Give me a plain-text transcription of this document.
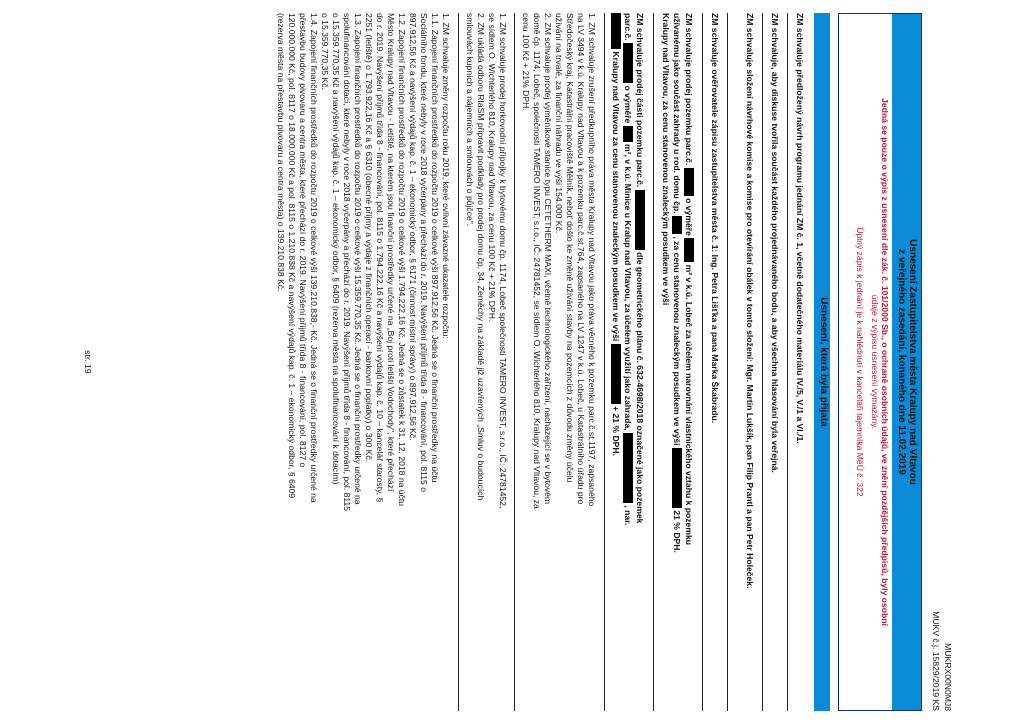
MUKRX00N0MJ8
MUKV č.j. 15829/2019 KS
Usnesení Zastupitelstva města Kralupy nad Vltavou
z veřejného zasedání, konaného dne 11.02.2019
Jedná se pouze o výpis z usnesení dle zák. č. 101/2000 Sb., o ochraně osobních údajů, ve znění pozdějších předpisů, byly osobní
údaje z výpisu usnesení vymazány.
Úplný zápis k jednání je k nahlédnutí v kanceláři tajemníka MěÚ č. 322
Usnesení, která byla přijata
ZM schvaluje předložený návrh programu jednání ZM č. 1, včetně dodatečného materiálu IV./5, V./1 a VI./1.
ZM schvaluje, aby diskuse tvořila součást každého projednávaného bodu, a aby všechna hlasování byla veřejná.
ZM schvaluje složení návrhové komise a komise pro otevírání obálek v tomto složení: Mgr. Martin Lukšík, pan Filip Prantl a pan Petr Holeček.
ZM schvaluje ověřovatele zápisu zastupitelstva města č. 1: Ing. Petra Lišťka a pana Marka Škabradu.
ZM schvaluje prodej pozemku parc.č.  o výměře  m² v k.ú. Lobeč za účelem narovnání vlastnického vztahu k pozemku
užívanému jako součást zahrady u rod. domu čp.  , za cenu stanovenou znaleckým posudkem ve výši  21 % DPH.
Kralupy nad Vltavou, za cenu stanovenou znaleckým posudkem ve výši
ZM schvaluje prodej části pozemku parc.č.  dle geometrického plánu č. 632-4698/2018 označené jako pozemek
parc.č.  o výměře  m², v k.ú. Minice u Kralup nad Vltavou, za účelem využití jako zahrada,  , nar.
Kralupy nad Vltavou za cenu stanovenou znaleckým posudkem ve výši  + 21 % DPH.
1. ZM schvaluje zrušení předkupního práva města Kralupy nad Vltavou jako práva věcného k pozemku parc.č.st.1197, zapsaného
na LV 3494 v k.ú. Kralupy nad Vltavou a k pozemku parc.č.st.764, zapsaného na LV 1247 v k.ú. Lobeč, u Katastrálního úřadu pro
Středočeský kraj, Katastrální pracoviště Mělník, neboť došlo ke změně užívání stavby na pozemcích z důvodu změny účelu
užívání na trvalé, za finanční náhradu ve výši 154.000 Kč.
2. ZM schvaluje prodej výměníkové stanice typu CETETHERM MAXI, včetně technologického zařízení, nacházející se v bytovém
domě čp. 1174, Lobeč, společnosti TAMERO INVEST, s.r.o., IČ: 24781452, se sídlem O. Wichterlého 810, Kralupy nad Vltavou, za
cenu 100 Kč + 21% DPH.
1. ZM schvaluje prodej horkovodní přípojky k bytovému domu čp. 1174, Lobeč společnosti TAMERO INVEST, s.r.o., IČ: 24781452,
se sídlem O. Wichterlého 810, Kralupy nad Vltavou, za cenu 100 Kč + 21% DPH.
2. ZM ukládá odboru RIaSM připravit podklady pro prodej domu čp. 34, Zeměchy na základě již uzavřených „Smluv o budoucích
smlouvách kupních a nájemních a smlouvách o půjčce".
1. ZM schvaluje změny rozpočtu roku 2019, které ovlivní závazné ukazatele rozpočtu:
1.1. Zapojení finančních prostředků do rozpočtu 2019 o celkové výši 897.912,56 Kč. Jedná se o finanční prostředky na účtu
Sociálního fondu, které nebyly v roce 2018 vyčerpány a přechází do r. 2019. Navýšení příjmů třída 8 - financování, pol. 8115 o
897.912,56 Kč a navýšení výdajů kap. č. 1 – ekonomický odbor, § 6171 (činnost místní správy) o 897.912,56 Kč.
1.2. Zapojení finančních prostředků do rozpočtu 2019 o celkové výši 1.794.222,16 Kč. Jedná se o zůstatek k 31. 12. 2018 na účtu
Město Kralupy nad Vltavou - Letiště, na kterém jsou finanční prostředky určené na „Boj proti letišti Vodochody", které přechází
do r. 2019. Navýšení příjmů třída 8 - financování, pol. 8115 o 1.794.222,16 Kč a navýšení výdajů kap. č. 10 – kancelář starosty, §
2251 (letiště) o 1.793.922,16 Kč a § 6310 (obecné příjmy a výdaje z finančních operací - bankovní poplatky) o 300 Kč.
1.3. Zapojení finančních prostředků do rozpočtu 2019 o celkové výši 15.359.770,35 Kč. Jedná se o finanční prostředky určené na
spolufinancování dotací, které nebyly v roce 2018 vyčerpány a přechází do r. 2019. Navýšení příjmů třída 8 - financování, pol. 8115
o 15.359.770,35 Kč a navýšení výdajů kap. č. 1 – ekonomický odbor, § 6409 (rezerva města na spolufinancování k dotacím)
o 15.359.770,35 Kč.
1.4. Zapojení finančních prostředků do rozpočtu 2019 o celkové výši 139.210.838,- Kč. Jedná se o finanční prostředky určené na
přestavbu budovy pivovaru a centra města, které přechází do r. 2019. Navýšení příjmů třída 8 - financování, pol. 8127 o
120.000.000 Kč, pol. 8117 o 18.000.000 Kč a pol. 8115 o 1.210.838 Kč a navýšení výdajů kap. č. 1 – ekonomický odbor, § 6409
(rezerva města na přestavbu pivovaru a centra města) o 139.210.838 Kč.
str. 19
